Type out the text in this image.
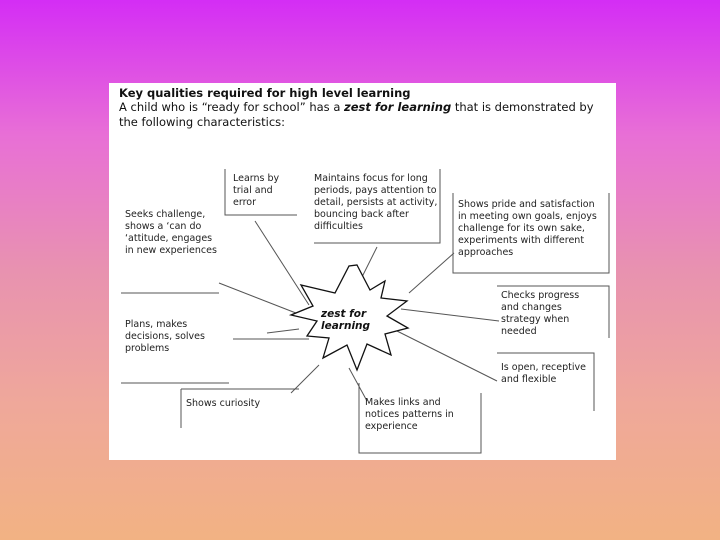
Key qualities required for high level learning
A child who is “ready for school” has a zest for learning that is demonstrated by the following characteristics:
Learns by trial and error
Maintains focus for long periods, pays attention to detail, persists at activity, bouncing back after difficulties
Seeks challenge, shows a ‘can do ‘attitude, engages in new experiences
Shows pride and satisfaction in meeting own goals, enjoys challenge for its own sake, experiments with different approaches
Checks progress and changes strategy when needed
Plans, makes decisions, solves problems
Is open, receptive and flexible
Shows curiosity	Makes links and notices patterns in experience
zest for learning
